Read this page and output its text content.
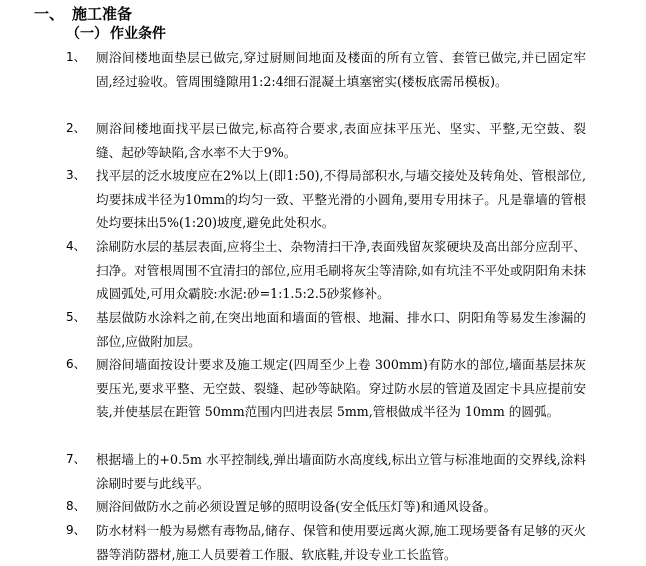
一、 施工准备
（一） 作业条件
1、 厕浴间楼地面垫层已做完,穿过厨厕间地面及楼面的所有立管、套管已做完,并已固定牢固,经过验收。管周围缝隙用1:2:4细石混凝土填塞密实(楼板底需吊模板)。
2、 厕浴间楼地面找平层已做完,标高符合要求,表面应抹平压光、坚实、平整,无空鼓、裂缝、起砂等缺陷,含水率不大于9%。
3、 找平层的泛水坡度应在2%以上(即1:50),不得局部积水,与墙交接处及转角处、管根部位,均要抹成半径为10mm的均匀一致、平整光滑的小圆角,要用专用抹子。凡是靠墙的管根处均要抹出5%(1:20)坡度,避免此处积水。
4、 涂刷防水层的基层表面,应将尘土、杂物清扫干净,表面残留灰浆硬块及高出部分应刮平、扫净。对管根周围不宜清扫的部位,应用毛刷将灰尘等清除,如有坑洼不平处或阴阳角未抹成圆弧处,可用众霸胶:水泥:砂=1:1.5:2.5砂浆修补。
5、 基层做防水涂料之前,在突出地面和墙面的管根、地漏、排水口、阴阳角等易发生渗漏的部位,应做附加层。
6、 厕浴间墙面按设计要求及施工规定(四周至少上卷 300mm)有防水的部位,墙面基层抹灰要压光,要求平整、无空鼓、裂缝、起砂等缺陷。穿过防水层的管道及固定卡具应提前安装,并使基层在距管 50mm范围内凹进表层 5mm,管根做成半径为 10mm 的圆弧。
7、 根据墙上的+0.5m 水平控制线,弹出墙面防水高度线,标出立管与标准地面的交界线,涂料涂刷时要与此线平。
8、 厕浴间做防水之前必须设置足够的照明设备(安全低压灯等)和通风设备。
9、 防水材料一般为易燃有毒物品,储存、保管和使用要远离火源,施工现场要备有足够的灭火器等消防器材,施工人员要着工作服、软底鞋,并设专业工长监管。
